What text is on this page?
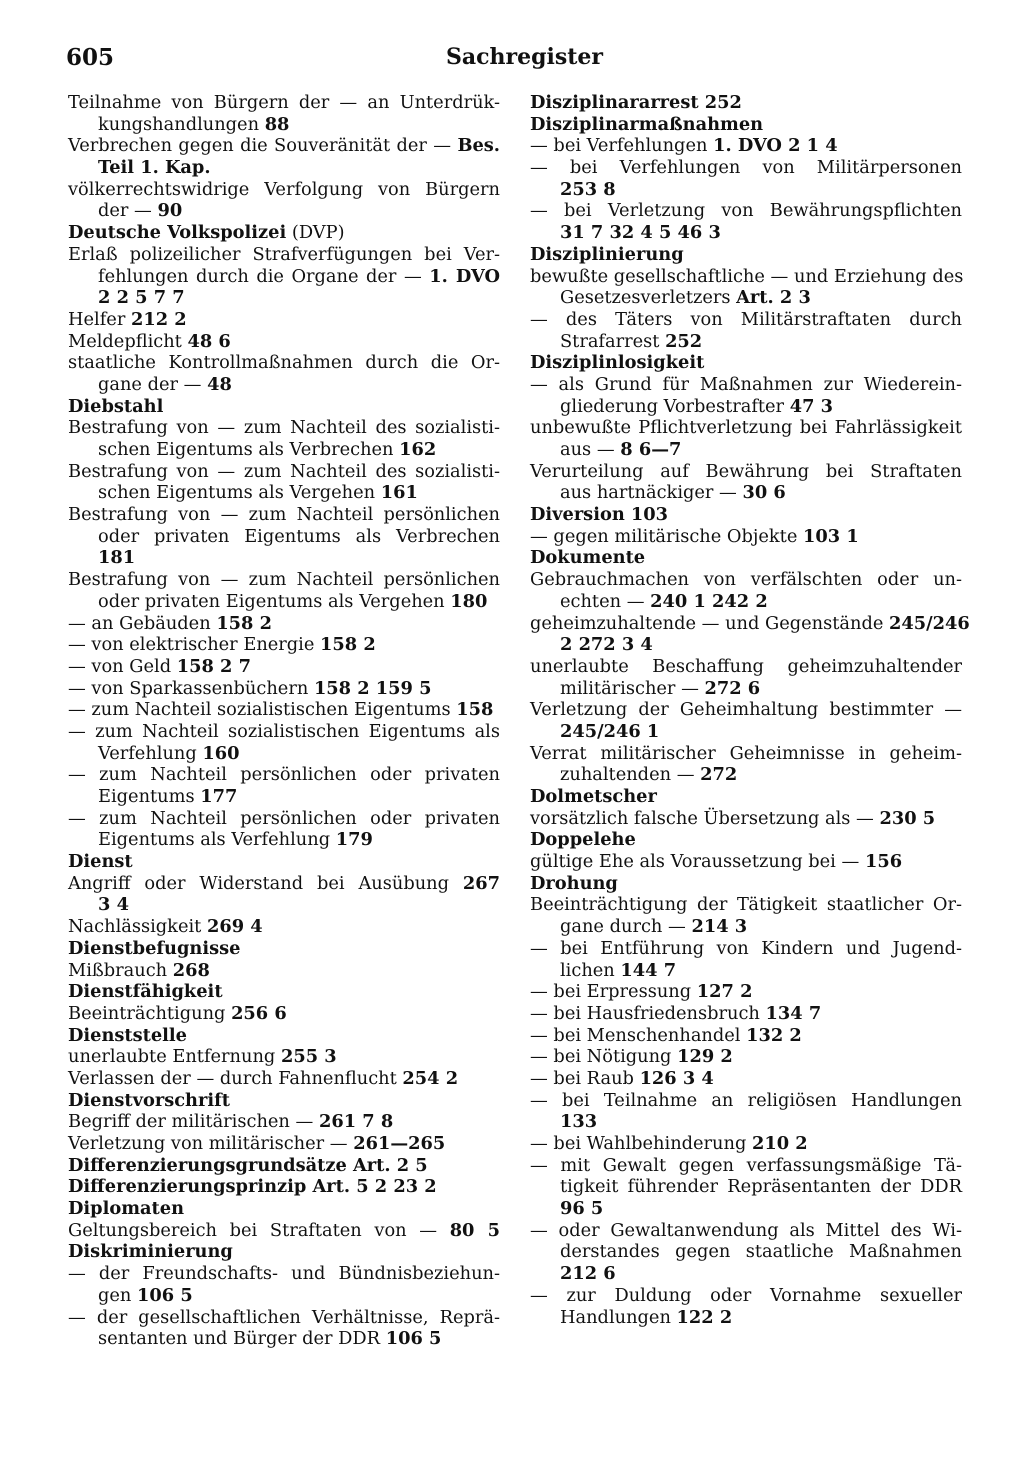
605	Sachregister
Teilnahme von Bürgern der — an Unterdrük-
kungshandlungen 88
Verbrechen gegen die Souveränität der — Bes.
Teil 1. Kap.
völkerrechtswidrige Verfolgung von Bürgern
der — 90
Deutsche Volkspolizei (DVP)
Erlaß polizeilicher Strafverfügungen bei Ver-
fehlungen durch die Organe der — 1. DVO
2 2 5 7 7
Helfer 212 2
Meldepflicht 48 6
staatliche Kontrollmaßnahmen durch die Or-
gane der — 48
Diebstahl
Bestrafung von — zum Nachteil des sozialisti-
schen Eigentums als Verbrechen 162
Bestrafung von — zum Nachteil des sozialisti-
schen Eigentums als Vergehen 161
Bestrafung von — zum Nachteil persönlichen
oder privaten Eigentums als Verbrechen
181
Bestrafung von — zum Nachteil persönlichen
oder privaten Eigentums als Vergehen 180
— an Gebäuden 158 2
— von elektrischer Energie 158 2
— von Geld 158 2 7
— von Sparkassenbüchern 158 2 159 5
— zum Nachteil sozialistischen Eigentums 158
— zum Nachteil sozialistischen Eigentums als
Verfehlung 160
— zum Nachteil persönlichen oder privaten
Eigentums 177
— zum Nachteil persönlichen oder privaten
Eigentums als Verfehlung 179
Dienst
Angriff oder Widerstand bei Ausübung 267
3 4
Nachlässigkeit 269 4
Dienstbefugnisse
Mißbrauch 268
Dienstfähigkeit
Beeinträchtigung 256 6
Dienststelle
unerlaubte Entfernung 255 3
Verlassen der — durch Fahnenflucht 254 2
Dienstvorschrift
Begriff der militärischen — 261 7 8
Verletzung von militärischer — 261—265
Differenzierungsgrundsätze Art. 2 5
Differenzierungsprinzip Art. 5 2 23 2
Diplomaten
Geltungsbereich bei Straftaten von — 80 5
Diskriminierung
— der Freundschafts- und Bündnisbeziehun-
gen 106 5
— der gesellschaftlichen Verhältnisse, Reprä-
sentanten und Bürger der DDR 106 5
Disziplinararrest 252
Disziplinarmaßnahmen
— bei Verfehlungen 1. DVO 2 1 4
— bei Verfehlungen von Militärpersonen
253 8
— bei Verletzung von Bewährungspflichten
31 7 32 4 5 46 3
Disziplinierung
bewußte gesellschaftliche — und Erziehung des
Gesetzesverletzers Art. 2 3
— des Täters von Militärstraftaten durch
Strafarrest 252
Disziplinlosigkeit
— als Grund für Maßnahmen zur Wiederein-
gliederung Vorbestrafter 47 3
unbewußte Pflichtverletzung bei Fahrlässigkeit
aus — 8 6—7
Verurteilung auf Bewährung bei Straftaten
aus hartnäckiger — 30 6
Diversion 103
— gegen militärische Objekte 103 1
Dokumente
Gebrauchmachen von verfälschten oder un-
echten — 240 1 242 2
geheimzuhaltende — und Gegenstände 245/246
2 272 3 4
unerlaubte Beschaffung geheimzuhaltender
militärischer — 272 6
Verletzung der Geheimhaltung bestimmter —
245/246 1
Verrat militärischer Geheimnisse in geheim-
zuhaltenden — 272
Dolmetscher
vorsätzlich falsche Übersetzung als — 230 5
Doppelehe
gültige Ehe als Voraussetzung bei — 156
Drohung
Beeinträchtigung der Tätigkeit staatlicher Or-
gane durch — 214 3
— bei Entführung von Kindern und Jugend-
lichen 144 7
— bei Erpressung 127 2
— bei Hausfriedensbruch 134 7
— bei Menschenhandel 132 2
— bei Nötigung 129 2
— bei Raub 126 3 4
— bei Teilnahme an religiösen Handlungen
133
— bei Wahlbehinderung 210 2
— mit Gewalt gegen verfassungsmäßige Tä-
tigkeit führender Repräsentanten der DDR
96 5
— oder Gewaltanwendung als Mittel des Wi-
derstandes gegen staatliche Maßnahmen
212 6
— zur Duldung oder Vornahme sexueller
Handlungen 122 2
